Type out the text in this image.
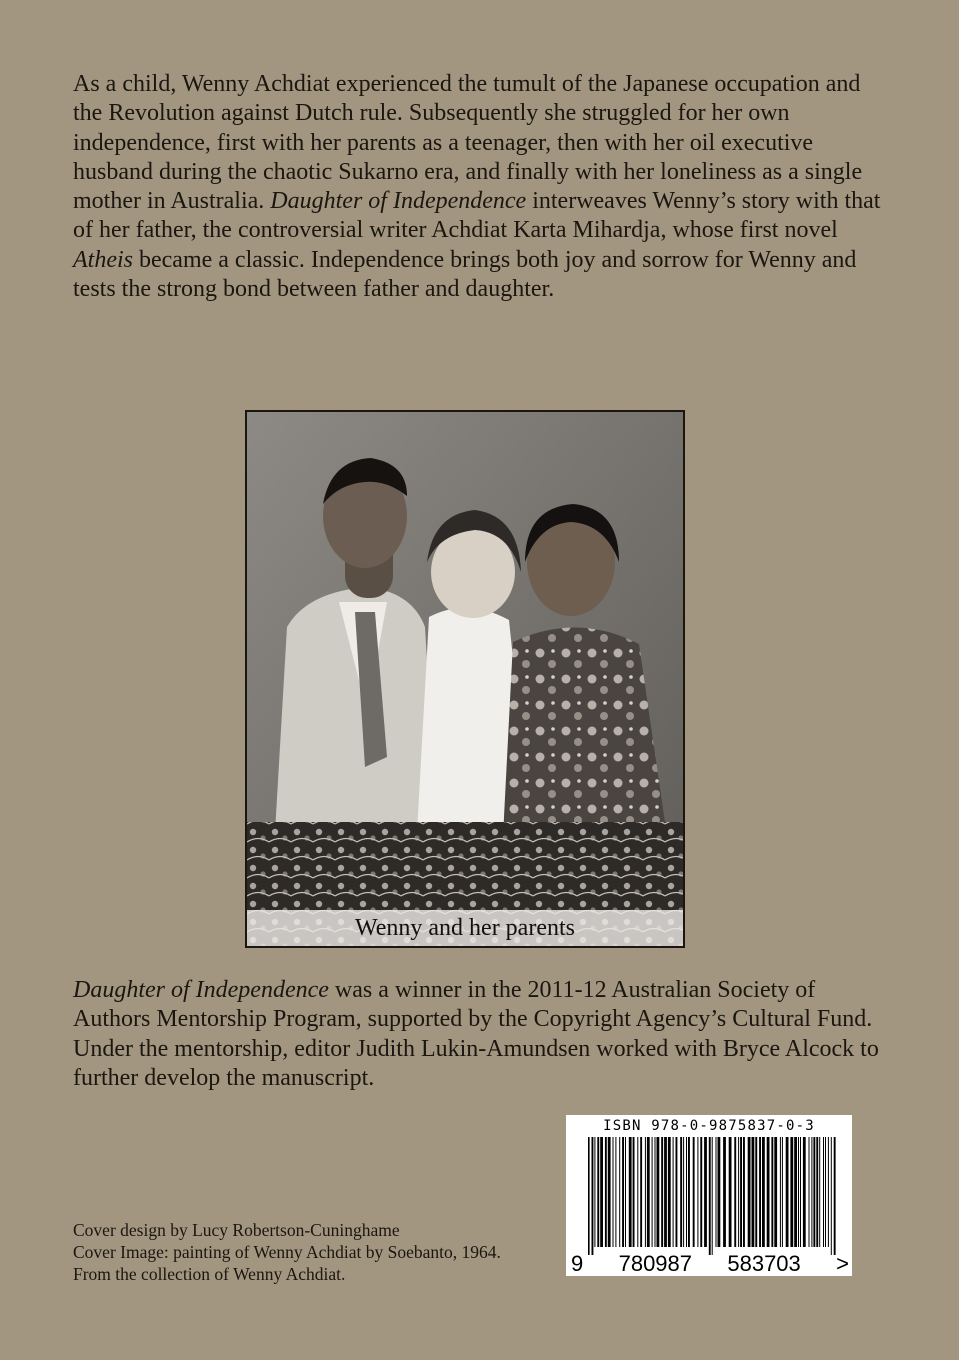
As a child, Wenny Achdiat experienced the tumult of the Japanese occupation and the Revolution against Dutch rule. Subsequently she struggled for her own independence, first with her parents as a teenager, then with her oil executive husband during the chaotic Sukarno era, and finally with her loneliness as a single mother in Australia. Daughter of Independence interweaves Wenny’s story with that of her father, the controversial writer Achdiat Karta Mihardja, whose first novel Atheis became a classic. Independence brings both joy and sorrow for Wenny and tests the strong bond between father and daughter.

Wenny and her parents

Daughter of Independence was a winner in the 2011-12 Australian Society of Authors Mentorship Program, supported by the Copyright Agency’s Cultural Fund. Under the mentorship, editor Judith Lukin-Amundsen worked with Bryce Alcock to further develop the manuscript.

ISBN 978-0-9875837-0-3
9 780987 583703 >
Cover design by Lucy Robertson-Cuninghame
Cover Image: painting of Wenny Achdiat by Soebanto, 1964.
From the collection of Wenny Achdiat.
